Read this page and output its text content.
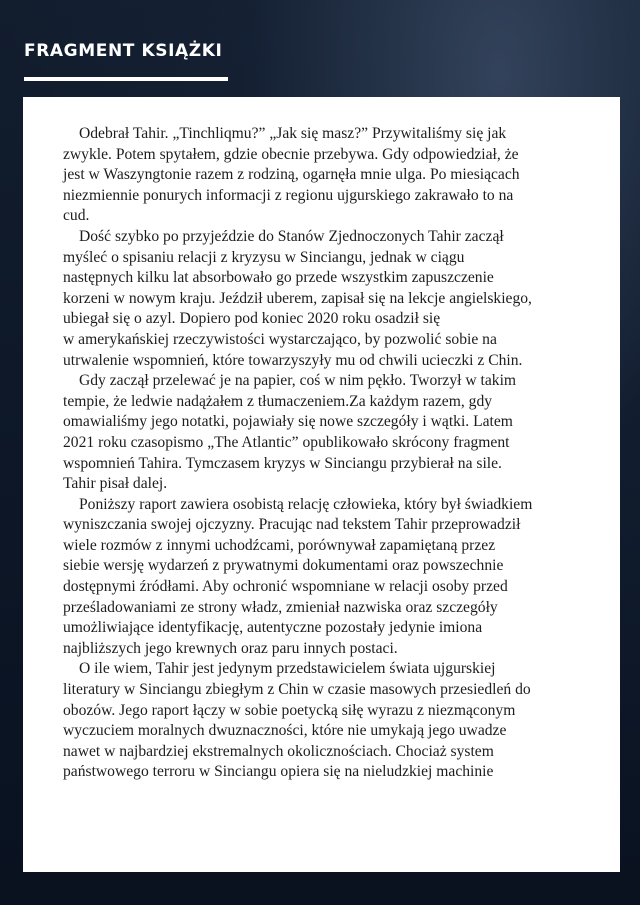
FRAGMENT KSIĄŻKI
Odebrał Tahir. „Tinchliqmu?” „Jak się masz?” Przywitaliśmy się jak
zwykle. Potem spytałem, gdzie obecnie przebywa. Gdy odpowiedział, że
jest w Waszyngtonie razem z rodziną, ogarnęła mnie ulga. Po miesiącach
niezmiennie ponurych informacji z regionu ujgurskiego zakrawało to na
cud.
Dość szybko po przyjeździe do Stanów Zjednoczonych Tahir zaczął
myśleć o spisaniu relacji z kryzysu w Sinciangu, jednak w ciągu
następnych kilku lat absorbowało go przede wszystkim zapuszczenie
korzeni w nowym kraju. Jeździł uberem, zapisał się na lekcje angielskiego,
ubiegał się o azyl. Dopiero pod koniec 2020 roku osadził się
w amerykańskiej rzeczywistości wystarczająco, by pozwolić sobie na
utrwalenie wspomnień, które towarzyszyły mu od chwili ucieczki z Chin.
Gdy zaczął przelewać je na papier, coś w nim pękło. Tworzył w takim
tempie, że ledwie nadążałem z tłumaczeniem.Za każdym razem, gdy
omawialiśmy jego notatki, pojawiały się nowe szczegóły i wątki. Latem
2021 roku czasopismo „The Atlantic” opublikowało skrócony fragment
wspomnień Tahira. Tymczasem kryzys w Sinciangu przybierał na sile.
Tahir pisał dalej.
Poniższy raport zawiera osobistą relację człowieka, który był świadkiem
wyniszczania swojej ojczyzny. Pracując nad tekstem Tahir przeprowadził
wiele rozmów z innymi uchodźcami, porównywał zapamiętaną przez
siebie wersję wydarzeń z prywatnymi dokumentami oraz powszechnie
dostępnymi źródłami. Aby ochronić wspomniane w relacji osoby przed
prześladowaniami ze strony władz, zmieniał nazwiska oraz szczegóły
umożliwiające identyfikację, autentyczne pozostały jedynie imiona
najbliższych jego krewnych oraz paru innych postaci.
O ile wiem, Tahir jest jedynym przedstawicielem świata ujgurskiej
literatury w Sinciangu zbiegłym z Chin w czasie masowych przesiedleń do
obozów. Jego raport łączy w sobie poetycką siłę wyrazu z niezmąconym
wyczuciem moralnych dwuznaczności, które nie umykają jego uwadze
nawet w najbardziej ekstremalnych okolicznościach. Chociaż system
państwowego terroru w Sinciangu opiera się na nieludzkiej machinie
